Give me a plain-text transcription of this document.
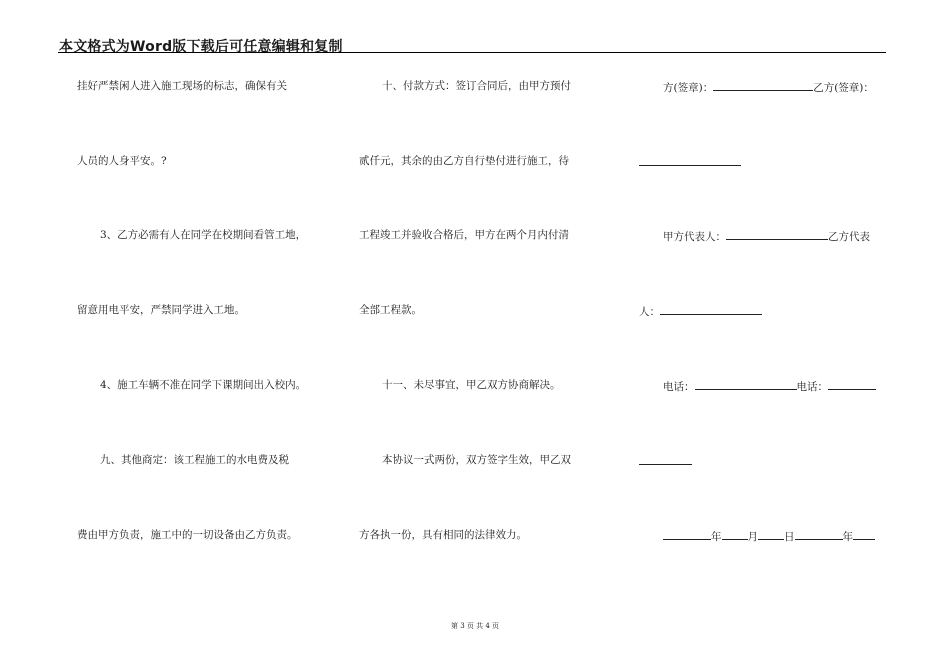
本文格式为Word版下载后可任意编辑和复制
挂好严禁闲人进入施工现场的标志，确保有关
人员的人身平安。?
3、乙方必需有人在同学在校期间看管工地，
留意用电平安，严禁同学进入工地。
4、施工车辆不准在同学下课期间出入校内。
九、其他商定：该工程施工的水电费及税
费由甲方负责，施工中的一切设备由乙方负责。
十、付款方式：签订合同后，由甲方预付
贰仟元，其余的由乙方自行垫付进行施工，待
工程竣工并验收合格后，甲方在两个月内付清
全部工程款。
十一、未尽事宜，甲乙双方协商解决。
本协议一式两份，双方签字生效，甲乙双
方各执一份，具有相同的法律效力。
方(签章)：	乙方(签章)：
甲方代表人：	乙方代表
人：
电话：	电话：
年 月 日	年
第 3 页 共 4 页
